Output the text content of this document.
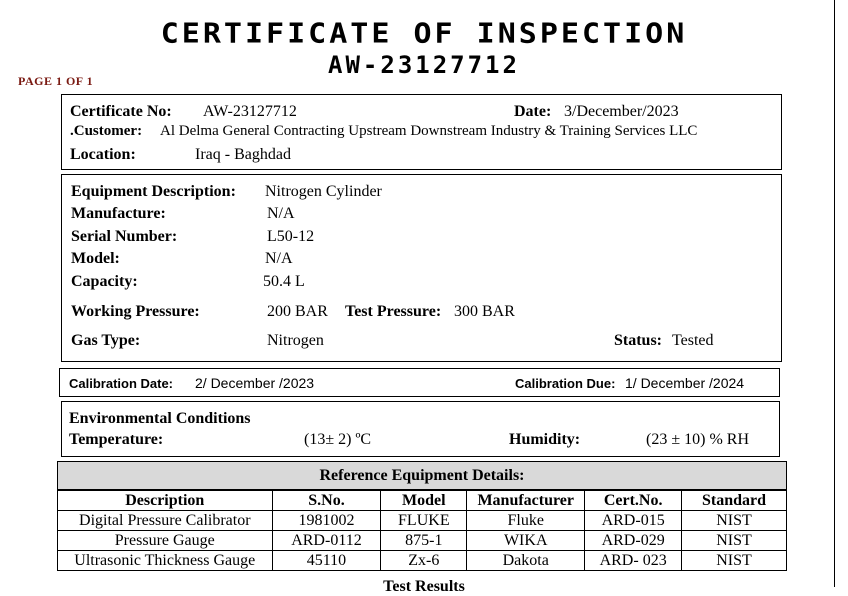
CERTIFICATE OF INSPECTION
AW-23127712
PAGE 1 OF 1
Certificate No: AW-23127712	Date: 3/December/2023
.Customer: Al Delma General Contracting Upstream Downstream Industry & Training Services LLC
Location:	Iraq - Baghdad
Equipment Description: Nitrogen Cylinder
Manufacture:	N/A
Serial Number:	L50-12
Model:	N/A
Capacity:	50.4 L
Working Pressure:	200 BAR Test Pressure: 300 BAR
Gas Type:	Nitrogen	Status: Tested
Calibration Date: 2/ December /2023	Calibration Due: 1/ December /2024
Environmental Conditions
Temperature:	(13± 2) ºC	Humidity:	(23 ± 10) % RH
Reference Equipment Details:
Description	S.No.	Model	Manufacturer	Cert.No.	Standard
Digital Pressure Calibrator	1981002	FLUKE	Fluke	ARD-015	NIST
Pressure Gauge	ARD-0112	875-1	WIKA	ARD-029	NIST
Ultrasonic Thickness Gauge	45110	Zx-6	Dakota	ARD- 023	NIST
Test Results
